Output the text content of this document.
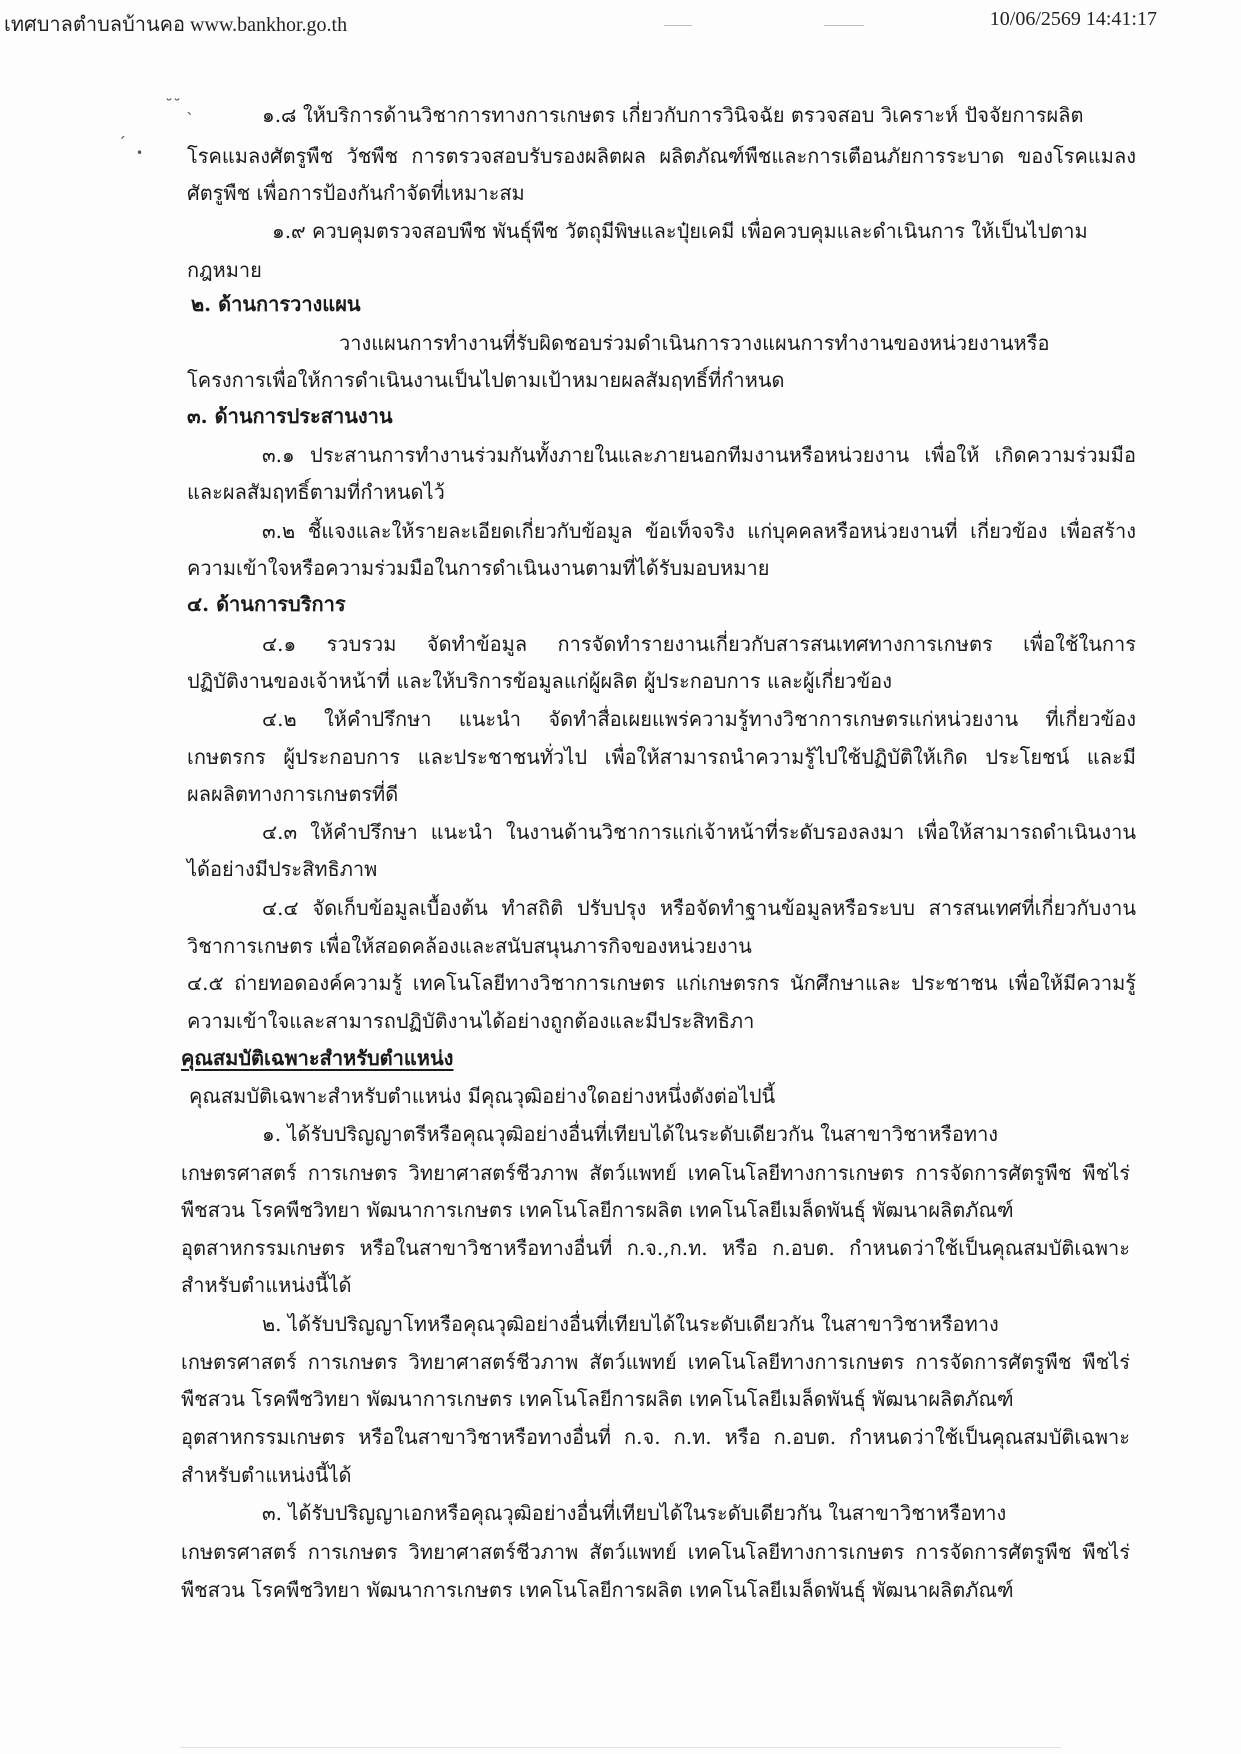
เทศบาลตำบลบ้านคอ www.bankhor.go.th	10/06/2569 14:41:17
˘˘ ˎ
ˏ
•
๑.๘ ให้บริการด้านวิชาการทางการเกษตร เกี่ยวกับการวินิจฉัย ตรวจสอบ วิเคราะห์ ปัจจัยการผลิต
โรคแมลงศัตรูพืช วัชพืช การตรวจสอบรับรองผลิตผล ผลิตภัณฑ์พืชและการเตือนภัยการระบาด ของโรคแมลง
ศัตรูพืช เพื่อการป้องกันกำจัดที่เหมาะสม
๑.๙ ควบคุมตรวจสอบพืช พันธุ์พืช วัตถุมีพิษและปุ๋ยเคมี เพื่อควบคุมและดำเนินการ ให้เป็นไปตาม
กฎหมาย
๒. ด้านการวางแผน
วางแผนการทำงานที่รับผิดชอบร่วมดำเนินการวางแผนการทำงานของหน่วยงานหรือ
โครงการเพื่อให้การดำเนินงานเป็นไปตามเป้าหมายผลสัมฤทธิ์ที่กำหนด
๓. ด้านการประสานงาน
๓.๑ ประสานการทำงานร่วมกันทั้งภายในและภายนอกทีมงานหรือหน่วยงาน เพื่อให้ เกิดความร่วมมือ
และผลสัมฤทธิ์ตามที่กำหนดไว้
๓.๒ ชี้แจงและให้รายละเอียดเกี่ยวกับข้อมูล ข้อเท็จจริง แก่บุคคลหรือหน่วยงานที่ เกี่ยวข้อง เพื่อสร้าง
ความเข้าใจหรือความร่วมมือในการดำเนินงานตามที่ได้รับมอบหมาย
๔. ด้านการบริการ
๔.๑ รวบรวม จัดทำข้อมูล การจัดทำรายงานเกี่ยวกับสารสนเทศทางการเกษตร เพื่อใช้ในการ
ปฏิบัติงานของเจ้าหน้าที่ และให้บริการข้อมูลแก่ผู้ผลิต ผู้ประกอบการ และผู้เกี่ยวข้อง
๔.๒ ให้คำปรึกษา แนะนำ จัดทำสื่อเผยแพร่ความรู้ทางวิชาการเกษตรแก่หน่วยงาน ที่เกี่ยวข้อง
เกษตรกร ผู้ประกอบการ และประชาชนทั่วไป เพื่อให้สามารถนำความรู้ไปใช้ปฏิบัติให้เกิด ประโยชน์ และมี
ผลผลิตทางการเกษตรที่ดี
๔.๓ ให้คำปรึกษา แนะนำ ในงานด้านวิชาการแก่เจ้าหน้าที่ระดับรองลงมา เพื่อให้สามารถดำเนินงาน
ได้อย่างมีประสิทธิภาพ
๔.๔ จัดเก็บข้อมูลเบื้องต้น ทำสถิติ ปรับปรุง หรือจัดทำฐานข้อมูลหรือระบบ สารสนเทศที่เกี่ยวกับงาน
วิชาการเกษตร เพื่อให้สอดคล้องและสนับสนุนภารกิจของหน่วยงาน
๔.๕ ถ่ายทอดองค์ความรู้ เทคโนโลยีทางวิชาการเกษตร แก่เกษตรกร นักศึกษาและ ประชาชน เพื่อให้มีความรู้
ความเข้าใจและสามารถปฏิบัติงานได้อย่างถูกต้องและมีประสิทธิภา
คุณสมบัติเฉพาะสำหรับตำแหน่ง
คุณสมบัติเฉพาะสำหรับตำแหน่ง มีคุณวุฒิอย่างใดอย่างหนึ่งดังต่อไปนี้
๑. ได้รับปริญญาตรีหรือคุณวุฒิอย่างอื่นที่เทียบได้ในระดับเดียวกัน ในสาขาวิชาหรือทาง
เกษตรศาสตร์ การเกษตร วิทยาศาสตร์ชีวภาพ สัตว์แพทย์ เทคโนโลยีทางการเกษตร การจัดการศัตรูพืช พืชไร่
พืชสวน โรคพืชวิทยา พัฒนาการเกษตร เทคโนโลยีการผลิต เทคโนโลยีเมล็ดพันธุ์ พัฒนาผลิตภัณฑ์
อุตสาหกรรมเกษตร หรือในสาขาวิชาหรือทางอื่นที่ ก.จ.,ก.ท. หรือ ก.อบต. กำหนดว่าใช้เป็นคุณสมบัติเฉพาะ
สำหรับตำแหน่งนี้ได้
๒. ได้รับปริญญาโทหรือคุณวุฒิอย่างอื่นที่เทียบได้ในระดับเดียวกัน ในสาขาวิชาหรือทาง
เกษตรศาสตร์ การเกษตร วิทยาศาสตร์ชีวภาพ สัตว์แพทย์ เทคโนโลยีทางการเกษตร การจัดการศัตรูพืช พืชไร่
พืชสวน โรคพืชวิทยา พัฒนาการเกษตร เทคโนโลยีการผลิต เทคโนโลยีเมล็ดพันธุ์ พัฒนาผลิตภัณฑ์
อุตสาหกรรมเกษตร หรือในสาขาวิชาหรือทางอื่นที่ ก.จ. ก.ท. หรือ ก.อบต. กำหนดว่าใช้เป็นคุณสมบัติเฉพาะ
สำหรับตำแหน่งนี้ได้
๓. ได้รับปริญญาเอกหรือคุณวุฒิอย่างอื่นที่เทียบได้ในระดับเดียวกัน ในสาขาวิชาหรือทาง
เกษตรศาสตร์ การเกษตร วิทยาศาสตร์ชีวภาพ สัตว์แพทย์ เทคโนโลยีทางการเกษตร การจัดการศัตรูพืช พืชไร่
พืชสวน โรคพืชวิทยา พัฒนาการเกษตร เทคโนโลยีการผลิต เทคโนโลยีเมล็ดพันธุ์ พัฒนาผลิตภัณฑ์
